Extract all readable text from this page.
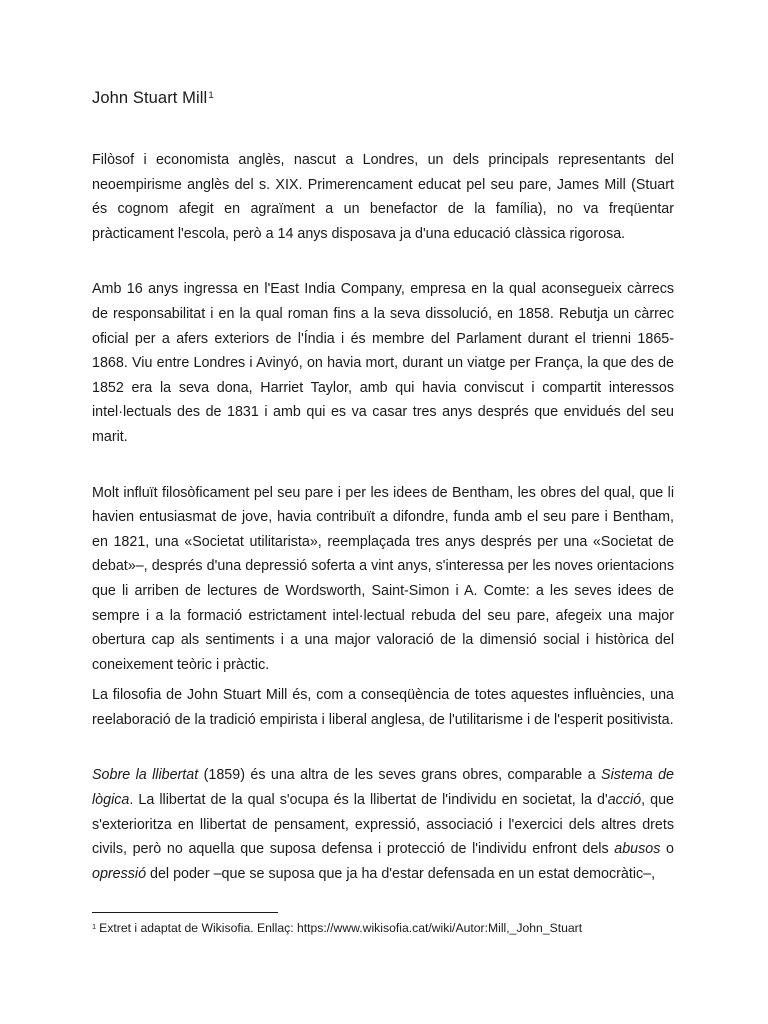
John Stuart Mill$^1$

Filòsof i economista anglès, nascut a Londres, un dels principals representants del neoempirisme anglès del s. XIX. Primerencament educat pel seu pare, James Mill (Stuart és cognom afegit en agraïment a un benefactor de la família), no va freqüentar pràcticament l'escola, però a 14 anys disposava ja d'una educació clàssica rigorosa.

Amb 16 anys ingressa en l'East India Company, empresa en la qual aconsegueix càrrecs de responsabilitat i en la qual roman fins a la seva dissolució, en 1858. Rebutja un càrrec oficial per a afers exteriors de l'Índia i és membre del Parlament durant el trienni 1865-1868. Viu entre Londres i Avinyó, on havia mort, durant un viatge per França, la que des de 1852 era la seva dona, Harriet Taylor, amb qui havia conviscut i compartit interessos intel·lectuals des de 1831 i amb qui es va casar tres anys després que envidués del seu marit.

Molt influït filosòficament pel seu pare i per les idees de Bentham, les obres del qual, que li havien entusiasmat de jove, havia contribuït a difondre, funda amb el seu pare i Bentham, en 1821, una «Societat utilitarista», reemplaçada tres anys després per una «Societat de debat»–, després d'una depressió soferta a vint anys, s'interessa per les noves orientacions que li arriben de lectures de Wordsworth, Saint-Simon i A. Comte: a les seves idees de sempre i a la formació estrictament intel·lectual rebuda del seu pare, afegeix una major obertura cap als sentiments i a una major valoració de la dimensió social i històrica del coneixement teòric i pràctic.

La filosofia de John Stuart Mill és, com a conseqüència de totes aquestes influències, una reelaboració de la tradició empirista i liberal anglesa, de l'utilitarisme i de l'esperit positivista.

Sobre la llibertat (1859) és una altra de les seves grans obres, comparable a Sistema de lògica. La llibertat de la qual s'ocupa és la llibertat de l'individu en societat, la d'acció, que s'exterioritza en llibertat de pensament, expressió, associació i l'exercici dels altres drets civils, però no aquella que suposa defensa i protecció de l'individu enfront dels abusos o opressió del poder –que se suposa que ja ha d'estar defensada en un estat democràtic–,

$^1$ Extret i adaptat de Wikisofia. Enllaç: https://www.wikisofia.cat/wiki/Autor:Mill,_John_Stuart
